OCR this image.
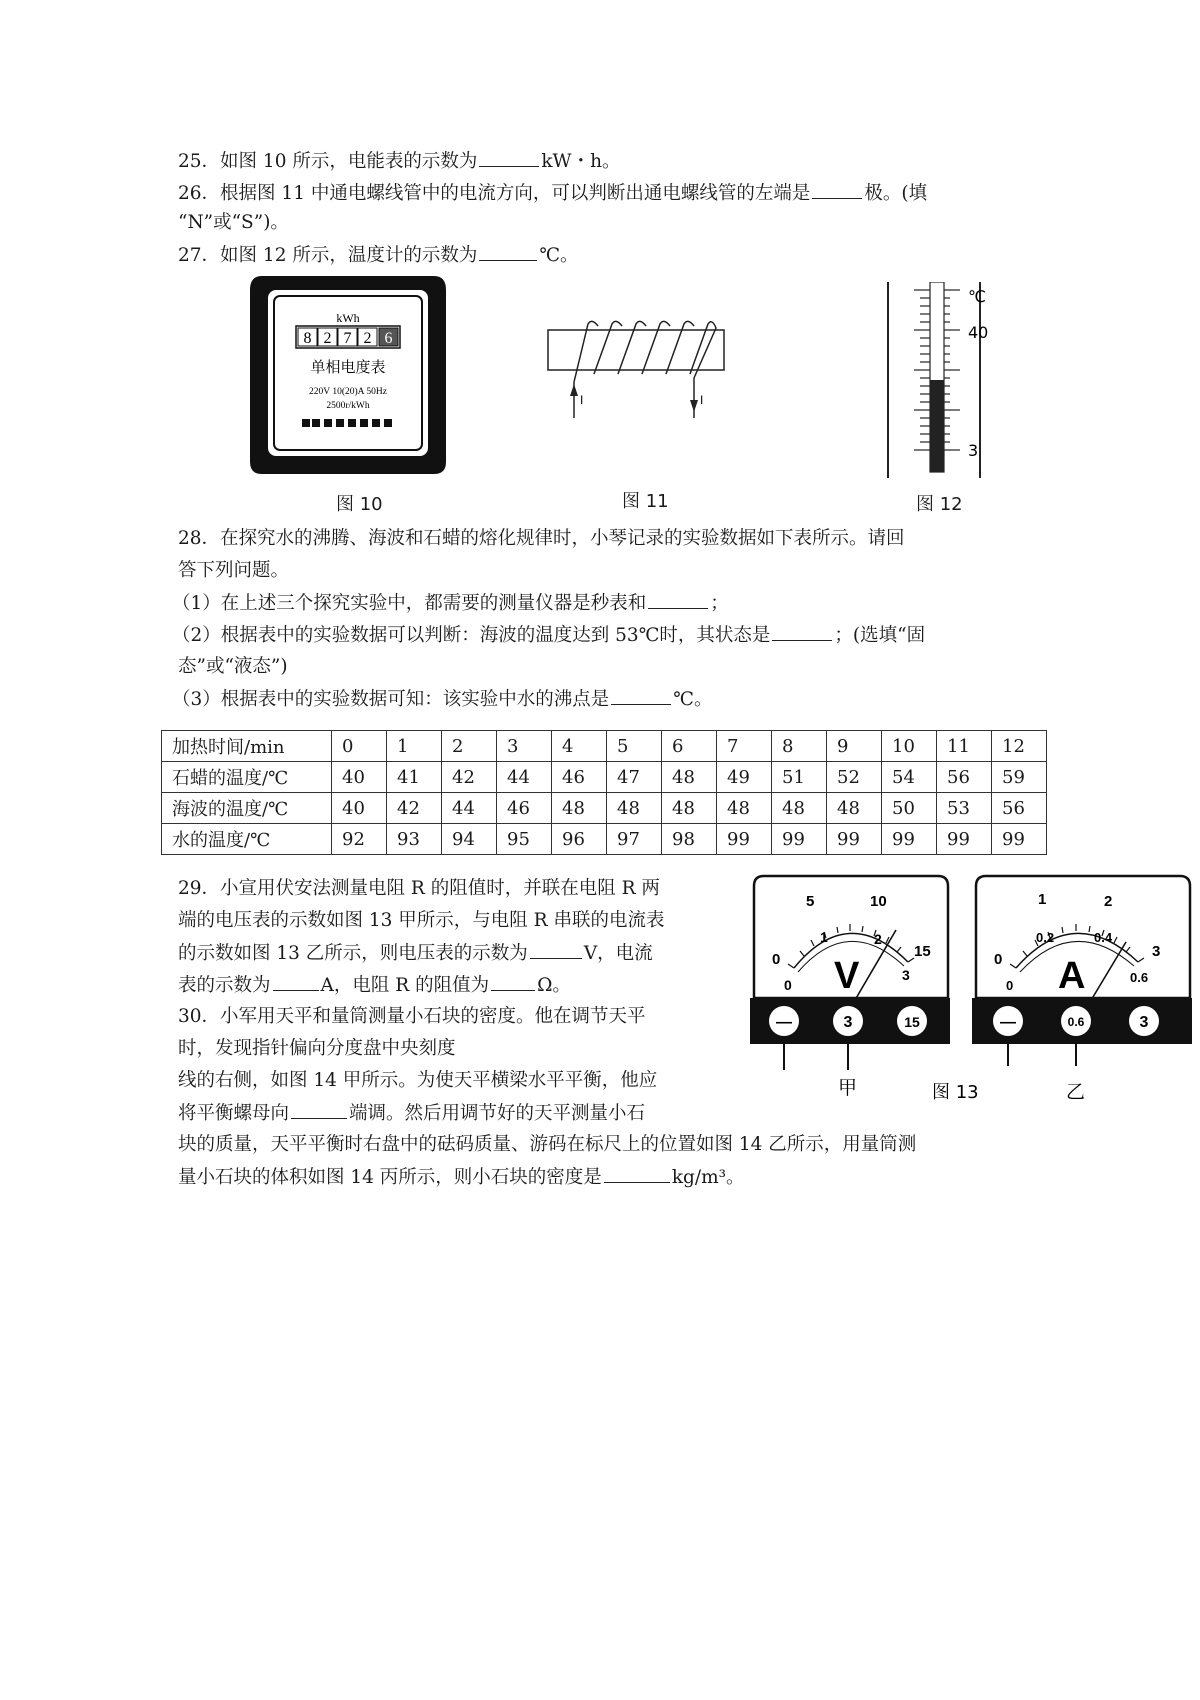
25．如图 10 所示，电能表的示数为	kW・h。
26．根据图 11 中通电螺线管中的电流方向，可以判断出通电螺线管的左端是	极。(填
“N”或“S”)。
27．如图 12 所示，温度计的示数为	℃。
kWh
8 2 7 2 6
单相电度表
220V 10(20)A 50Hz
2500r/kWh
图 10
I	I
图 11
℃
40
3
图 12
28．在探究水的沸腾、海波和石蜡的熔化规律时，小琴记录的实验数据如下表所示。请回
答下列问题。
（1）在上述三个探究实验中，都需要的测量仪器是秒表和	；
（2）根据表中的实验数据可以判断：海波的温度达到 53℃时，其状态是	；(选填“固
态”或“液态”)
（3）根据表中的实验数据可知：该实验中水的沸点是	℃。
加热时间/min	0	1	2	3	4	5	6	7	8	9	10	11	12
石蜡的温度/℃	40	41	42	44	46	47	48	49	51	52	54	56	59
海波的温度/℃	40	42	44	46	48	48	48	48	48	48	50	53	56
水的温度/℃	92	93	94	95	96	97	98	99	99	99	99	99	99
29．小宣用伏安法测量电阻 R 的阻值时，并联在电阻 R 两
端的电压表的示数如图 13 甲所示，与电阻 R 串联的电流表
的示数如图 13 乙所示，则电压表的示数为	V，电流
表的示数为	A，电阻 R 的阻值为	Ω。
30．小军用天平和量筒测量小石块的密度。他在调节天平
时，发现指针偏向分度盘中央刻度
线的右侧，如图 14 甲所示。为使天平横梁水平平衡，他应
将平衡螺母向	端调。然后用调节好的天平测量小石
块的质量，天平平衡时右盘中的砝码质量、游码在标尺上的位置如图 14 乙所示，用量筒测
量小石块的体积如图 14 丙所示，则小石块的密度是	kg/m³。
0
5	10
15
0
1	2
3
V
—	3	15
甲
0
1	2
3
0
0.2	0.4
0.6
A
—	0.6	3
乙
图 13
